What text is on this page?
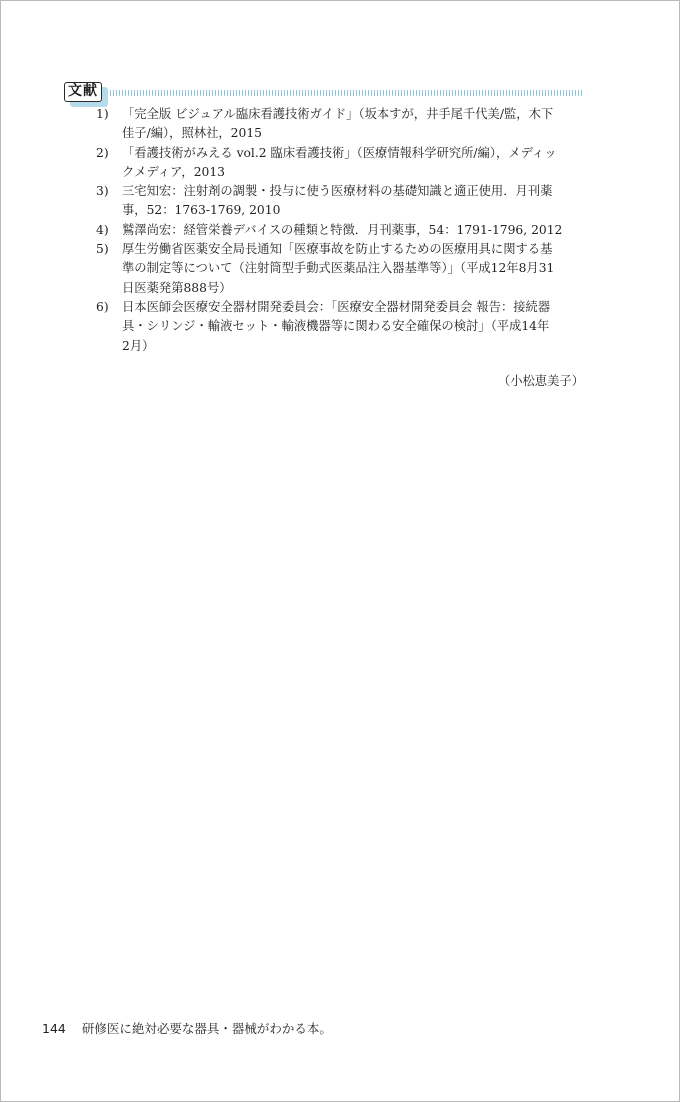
文献
1) 「完全版 ビジュアル臨床看護技術ガイド」（坂本すが，井手尾千代美/監，木下
佳子/編），照林社，2015
2) 「看護技術がみえる vol.2 臨床看護技術」（医療情報科学研究所/編），メディッ
クメディア，2013
3) 三宅知宏：注射剤の調製・投与に使う医療材料の基礎知識と適正使用．月刊薬
事，52：1763-1769, 2010
4) 鷲澤尚宏：経管栄養デバイスの種類と特徴．月刊薬事，54：1791-1796, 2012
5) 厚生労働省医薬安全局長通知「医療事故を防止するための医療用具に関する基
準の制定等について（注射筒型手動式医薬品注入器基準等）」（平成12年8月31
日医薬発第888号）
6) 日本医師会医療安全器材開発委員会：「医療安全器材開発委員会 報告：接続器
具・シリンジ・輸液セット・輸液機器等に関わる安全確保の検討」（平成14年
2月）
（小松恵美子）
144 研修医に絶対必要な器具・器械がわかる本。
